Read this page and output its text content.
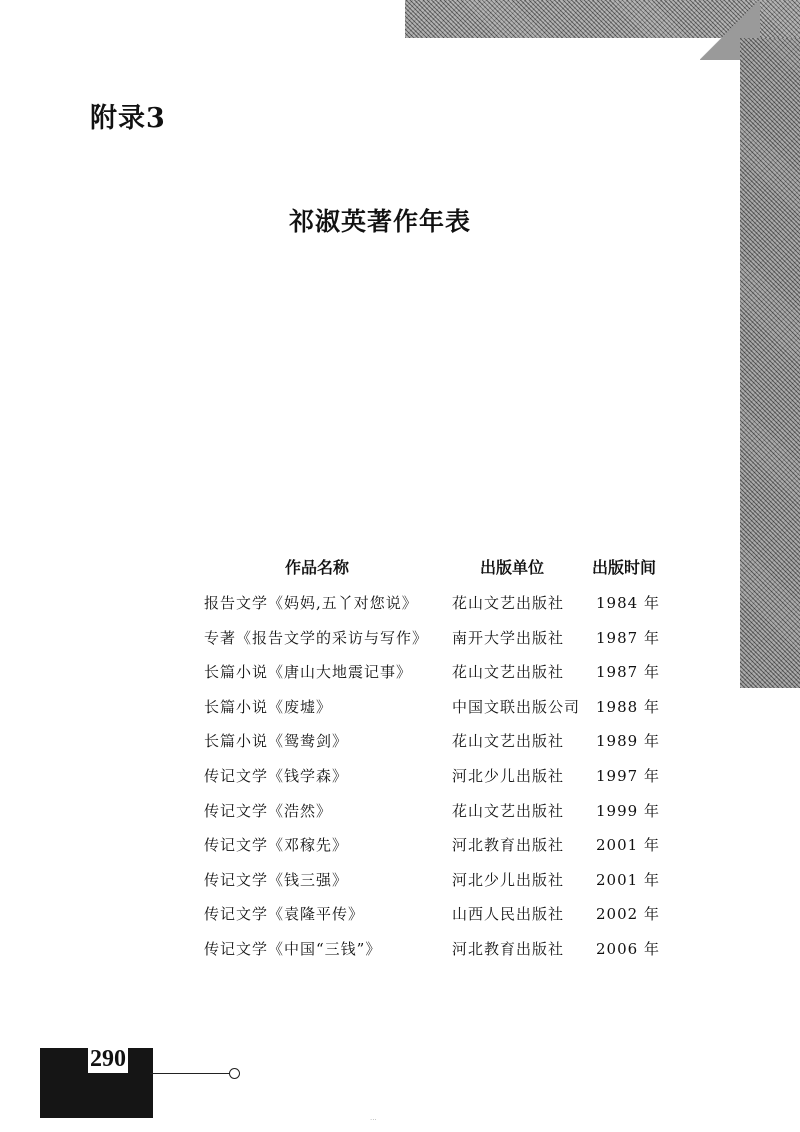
附录3
祁淑英著作年表
作品名称	出版单位	出版时间
报告文学《妈妈,五丫对您说》 花山文艺出版社 1984 年
专著《报告文学的采访与写作》 南开大学出版社 1987 年
长篇小说《唐山大地震记事》	花山文艺出版社 1987 年
长篇小说《废墟》	中国文联出版公司 1988 年
长篇小说《鸳鸯剑》	花山文艺出版社 1989 年
传记文学《钱学森》	河北少儿出版社 1997 年
传记文学《浩然》	花山文艺出版社 1999 年
传记文学《邓稼先》	河北教育出版社 2001 年
传记文学《钱三强》	河北少儿出版社 2001 年
传记文学《袁隆平传》	山西人民出版社 2002 年
传记文学《中国“三钱”》	河北教育出版社 2006 年
290
...
